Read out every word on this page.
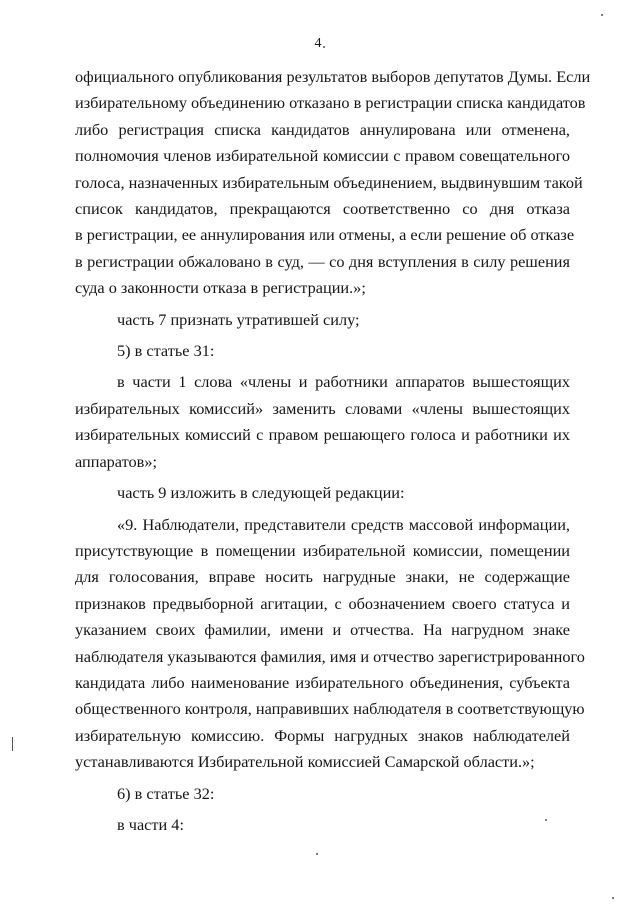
4
официального опубликования результатов выборов депутатов Думы. Если
избирательному объединению отказано в регистрации списка кандидатов
либо регистрация списка кандидатов аннулирована или отменена,
полномочия членов избирательной комиссии с правом совещательного
голоса, назначенных избирательным объединением, выдвинувшим такой
список кандидатов, прекращаются соответственно со дня отказа
в регистрации, ее аннулирования или отмены, а если решение об отказе
в регистрации обжаловано в суд, — со дня вступления в силу решения
суда о законности отказа в регистрации.»;
часть 7 признать утратившей силу;
5) в статье 31:
в части 1 слова «члены и работники аппаратов вышестоящих
избирательных комиссий» заменить словами «члены вышестоящих
избирательных комиссий с правом решающего голоса и работники их
аппаратов»;
часть 9 изложить в следующей редакции:
«9. Наблюдатели, представители средств массовой информации,
присутствующие в помещении избирательной комиссии, помещении
для голосования, вправе носить нагрудные знаки, не содержащие
признаков предвыборной агитации, с обозначением своего статуса и
указанием своих фамилии, имени и отчества. На нагрудном знаке
наблюдателя указываются фамилия, имя и отчество зарегистрированного
кандидата либо наименование избирательного объединения, субъекта
общественного контроля, направивших наблюдателя в соответствующую
избирательную комиссию. Формы нагрудных знаков наблюдателей
устанавливаются Избирательной комиссией Самарской области.»;
6) в статье 32:
в части 4:
